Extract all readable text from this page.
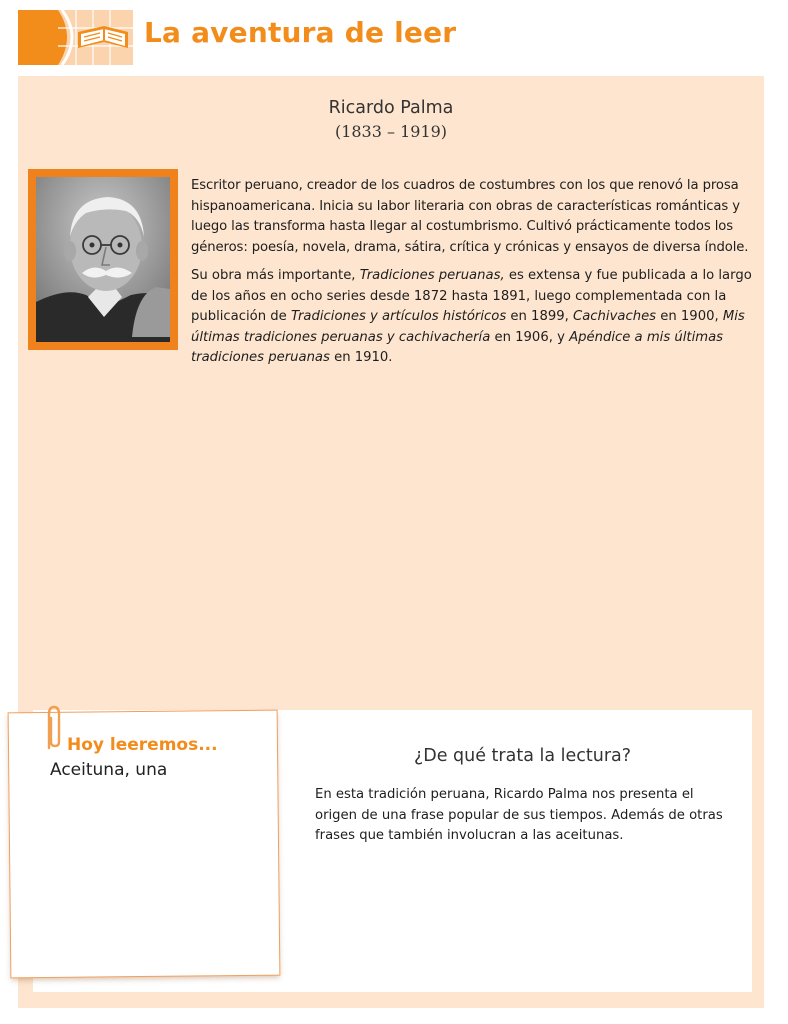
La aventura de leer
Ricardo Palma
(1833 – 1919)

Escritor peruano, creador de los cuadros de costumbres con los que renovó la prosa hispanoamericana. Inicia su labor literaria con obras de características románticas y luego las transforma hasta llegar al costumbrismo. Cultivó prácticamente todos los géneros: poesía, novela, drama, sátira, crítica y crónicas y ensayos de diversa índole.

Su obra más importante, Tradiciones peruanas, es extensa y fue publicada a lo largo de los años en ocho series desde 1872 hasta 1891, luego complementada con la publicación de Tradiciones y artículos históricos en 1899, Cachivaches en 1900, Mis últimas tradiciones peruanas y cachivachería en 1906, y Apéndice a mis últimas tradiciones peruanas en 1910.

Hoy leeremos...
Aceituna, una
¿De qué trata la lectura?
En esta tradición peruana, Ricardo Palma nos presenta el origen de una frase popular de sus tiempos. Además de otras frases que también involucran a las aceitunas.
